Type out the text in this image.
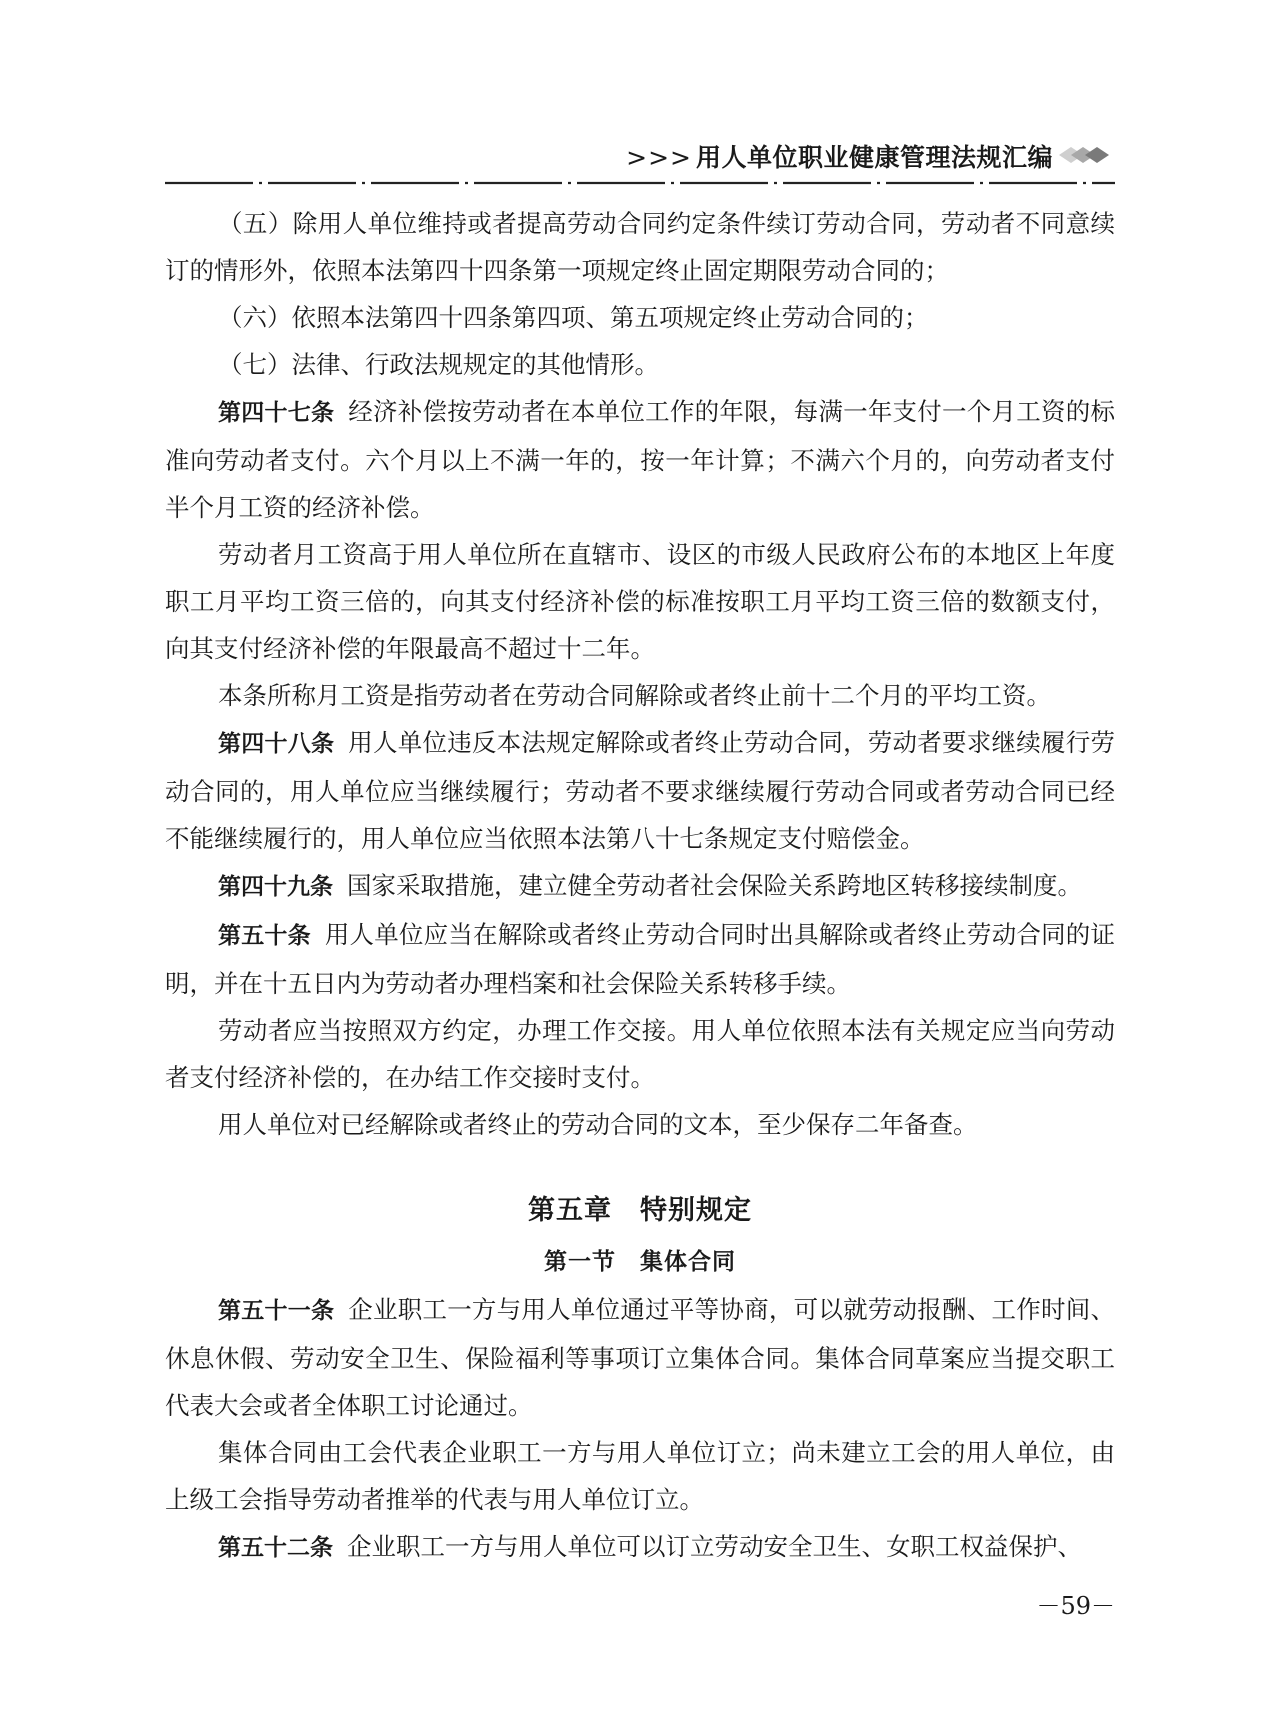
>>> 用人单位职业健康管理法规汇编

（五）除用人单位维持或者提高劳动合同约定条件续订劳动合同，劳动者不同意续订的情形外，依照本法第四十四条第一项规定终止固定期限劳动合同的；

（六）依照本法第四十四条第四项、第五项规定终止劳动合同的；

（七）法律、行政法规规定的其他情形。

第四十七条 经济补偿按劳动者在本单位工作的年限，每满一年支付一个月工资的标准向劳动者支付。六个月以上不满一年的，按一年计算；不满六个月的，向劳动者支付半个月工资的经济补偿。

劳动者月工资高于用人单位所在直辖市、设区的市级人民政府公布的本地区上年度职工月平均工资三倍的，向其支付经济补偿的标准按职工月平均工资三倍的数额支付，向其支付经济补偿的年限最高不超过十二年。

本条所称月工资是指劳动者在劳动合同解除或者终止前十二个月的平均工资。

第四十八条 用人单位违反本法规定解除或者终止劳动合同，劳动者要求继续履行劳动合同的，用人单位应当继续履行；劳动者不要求继续履行劳动合同或者劳动合同已经不能继续履行的，用人单位应当依照本法第八十七条规定支付赔偿金。

第四十九条 国家采取措施，建立健全劳动者社会保险关系跨地区转移接续制度。

第五十条 用人单位应当在解除或者终止劳动合同时出具解除或者终止劳动合同的证明，并在十五日内为劳动者办理档案和社会保险关系转移手续。

劳动者应当按照双方约定，办理工作交接。用人单位依照本法有关规定应当向劳动者支付经济补偿的，在办结工作交接时支付。

用人单位对已经解除或者终止的劳动合同的文本，至少保存二年备查。

第五章　特别规定
第一节　集体合同

第五十一条 企业职工一方与用人单位通过平等协商，可以就劳动报酬、工作时间、休息休假、劳动安全卫生、保险福利等事项订立集体合同。集体合同草案应当提交职工代表大会或者全体职工讨论通过。

集体合同由工会代表企业职工一方与用人单位订立；尚未建立工会的用人单位，由上级工会指导劳动者推举的代表与用人单位订立。

第五十二条 企业职工一方与用人单位可以订立劳动安全卫生、女职工权益保护、

－59－
